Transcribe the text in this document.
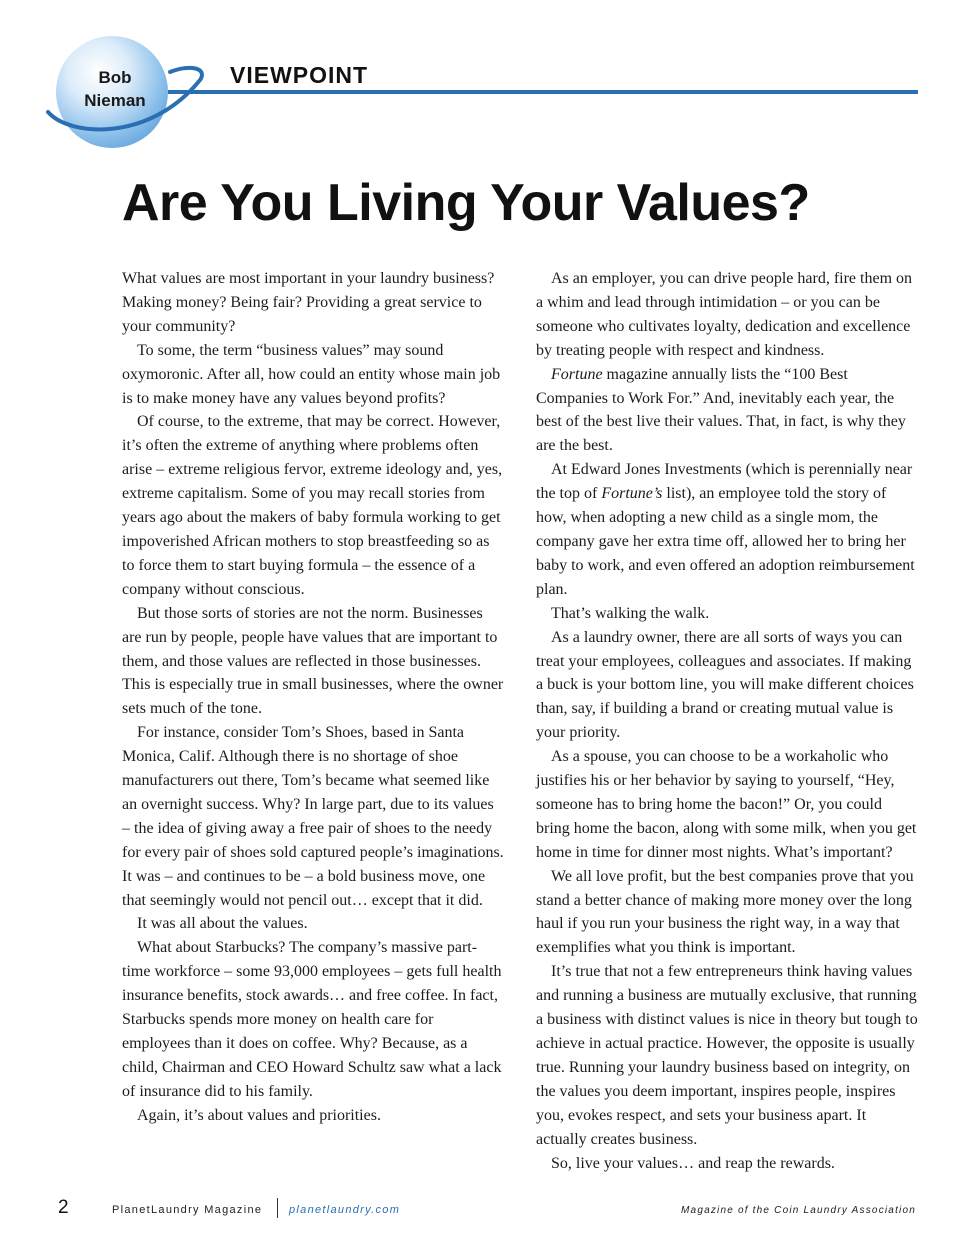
Bob
Nieman
VIEWPOINT
Are You Living Your Values?

What values are most important in your laundry business? Making money? Being fair? Providing a great service to your community?

To some, the term “business values” may sound oxymoronic. After all, how could an entity whose main job is to make money have any values beyond profits?

Of course, to the extreme, that may be correct. However, it’s often the extreme of anything where problems often arise – extreme religious fervor, extreme ideology and, yes, extreme capitalism. Some of you may recall stories from years ago about the makers of baby formula working to get impoverished African mothers to stop breastfeeding so as to force them to start buying formula – the essence of a company without conscious.

But those sorts of stories are not the norm. Businesses are run by people, people have values that are important to them, and those values are reflected in those businesses. This is especially true in small businesses, where the owner sets much of the tone.

For instance, consider Tom’s Shoes, based in Santa Monica, Calif. Although there is no shortage of shoe manufacturers out there, Tom’s became what seemed like an overnight success. Why? In large part, due to its values – the idea of giving away a free pair of shoes to the needy for every pair of shoes sold captured people’s imaginations. It was – and continues to be – a bold business move, one that seemingly would not pencil out… except that it did.

It was all about the values.

What about Starbucks? The company’s massive part-time workforce – some 93,000 employees – gets full health insurance benefits, stock awards… and free coffee. In fact, Starbucks spends more money on health care for employees than it does on coffee. Why? Because, as a child, Chairman and CEO Howard Schultz saw what a lack of insurance did to his family.

Again, it’s about values and priorities.

As an employer, you can drive people hard, fire them on a whim and lead through intimidation – or you can be someone who cultivates loyalty, dedication and excellence by treating people with respect and kindness.

Fortune magazine annually lists the “100 Best Companies to Work For.” And, inevitably each year, the best of the best live their values. That, in fact, is why they are the best.

At Edward Jones Investments (which is perennially near the top of Fortune’s list), an employee told the story of how, when adopting a new child as a single mom, the company gave her extra time off, allowed her to bring her baby to work, and even offered an adoption reimbursement plan.

That’s walking the walk.

As a laundry owner, there are all sorts of ways you can treat your employees, colleagues and associates. If making a buck is your bottom line, you will make different choices than, say, if building a brand or creating mutual value is your priority.

As a spouse, you can choose to be a workaholic who justifies his or her behavior by saying to yourself, “Hey, someone has to bring home the bacon!” Or, you could bring home the bacon, along with some milk, when you get home in time for dinner most nights. What’s important?

We all love profit, but the best companies prove that you stand a better chance of making more money over the long haul if you run your business the right way, in a way that exemplifies what you think is important.

It’s true that not a few entrepreneurs think having values and running a business are mutually exclusive, that running a business with distinct values is nice in theory but tough to achieve in actual practice. However, the opposite is usually true. Running your laundry business based on integrity, on the values you deem important, inspires people, inspires you, evokes respect, and sets your business apart. It actually creates business.

So, live your values… and reap the rewards.

2	PlanetLaundry Magazine planetlaundry.com	Magazine of the Coin Laundry Association
